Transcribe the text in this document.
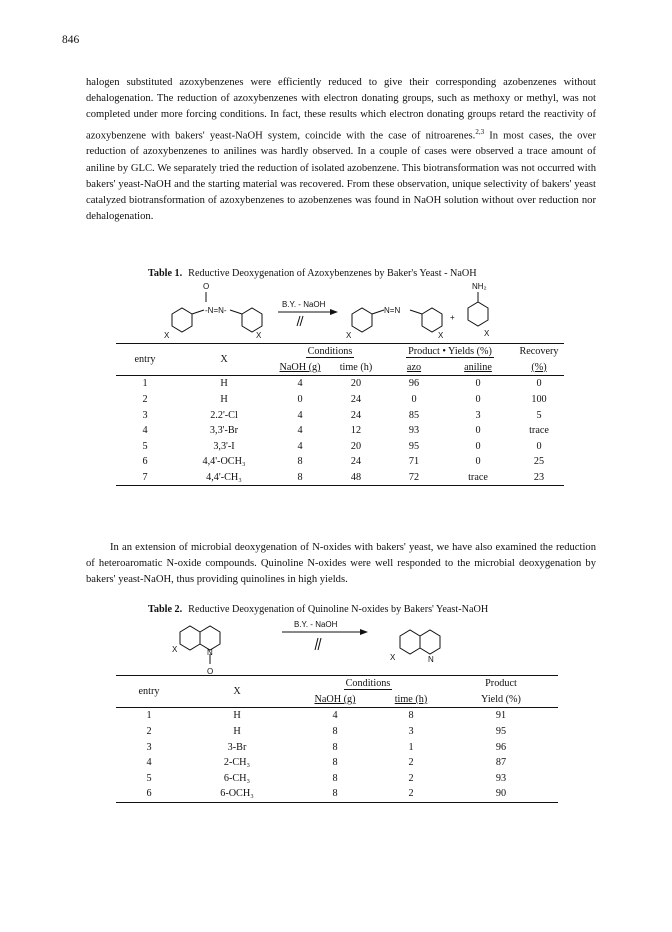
846

halogen substituted azoxybenzenes were efficiently reduced to give their corresponding azobenzenes without dehalogenation. The reduction of azoxybenzenes with electron donating groups, such as methoxy or methyl, was not completed under more forcing conditions. In fact, these results which electron donating groups retard the reactivity of azoxybenzene with bakers' yeast-NaOH system, coincide with the case of nitroarenes.$^{2,3}$ In most cases, the over reduction of azoxybenzenes to anilines was hardly observed. In a couple of cases were observed a trace amount of aniline by GLC. We separately tried the reduction of isolated azobenzene. This biotransformation was not occurred with bakers' yeast-NaOH and the starting material was recovered. From these observation, unique selectivity of bakers' yeast catalyzed biotransformation of azoxybenzenes to azobenzenes was found in NaOH solution without over reduction nor dehalogenation.

Table 1. Reductive Deoxygenation of Azoxybenzenes by Baker's Yeast - NaOH
O
-N=N-
X	X
B.Y. - NaOH
N=N
X	X
+
NH₂
X
entry	X	Conditions		Product • Yields (%)		Recovery
		NaOH (g)	time (h)	azo	aniline	(%)
1	H	4	20	96	0	0
2	H	0	24	0	0	100
3	2.2'-Cl	4	24	85	3	5
4	3,3'-Br	4	12	93	0	trace
5	3,3'-I	4	20	95	0	0
6	4,4'-OCH₃	8	24	71	0	25
7	4,4'-CH₃	8	48	72	trace	23

In an extension of microbial deoxygenation of N-oxides with bakers' yeast, we have also examined the reduction of heteroaromatic N-oxide compounds. Quinoline N-oxides were well responded to the microbial deoxygenation by bakers' yeast-NaOH, thus providing quinolines in high yields.

Table 2. Reductive Deoxygenation of Quinoline N-oxides by Bakers' Yeast-NaOH
X	N
O
B.Y. - NaOH
X	N
entry	X	Conditions		Product
		NaOH (g)	time (h)	Yield (%)
1	H	4	8	91
2	H	8	3	95
3	3-Br	8	1	96
4	2-CH₃	8	2	87
5	6-CH₃	8	2	93
6	6-OCH₃	8	2	90
